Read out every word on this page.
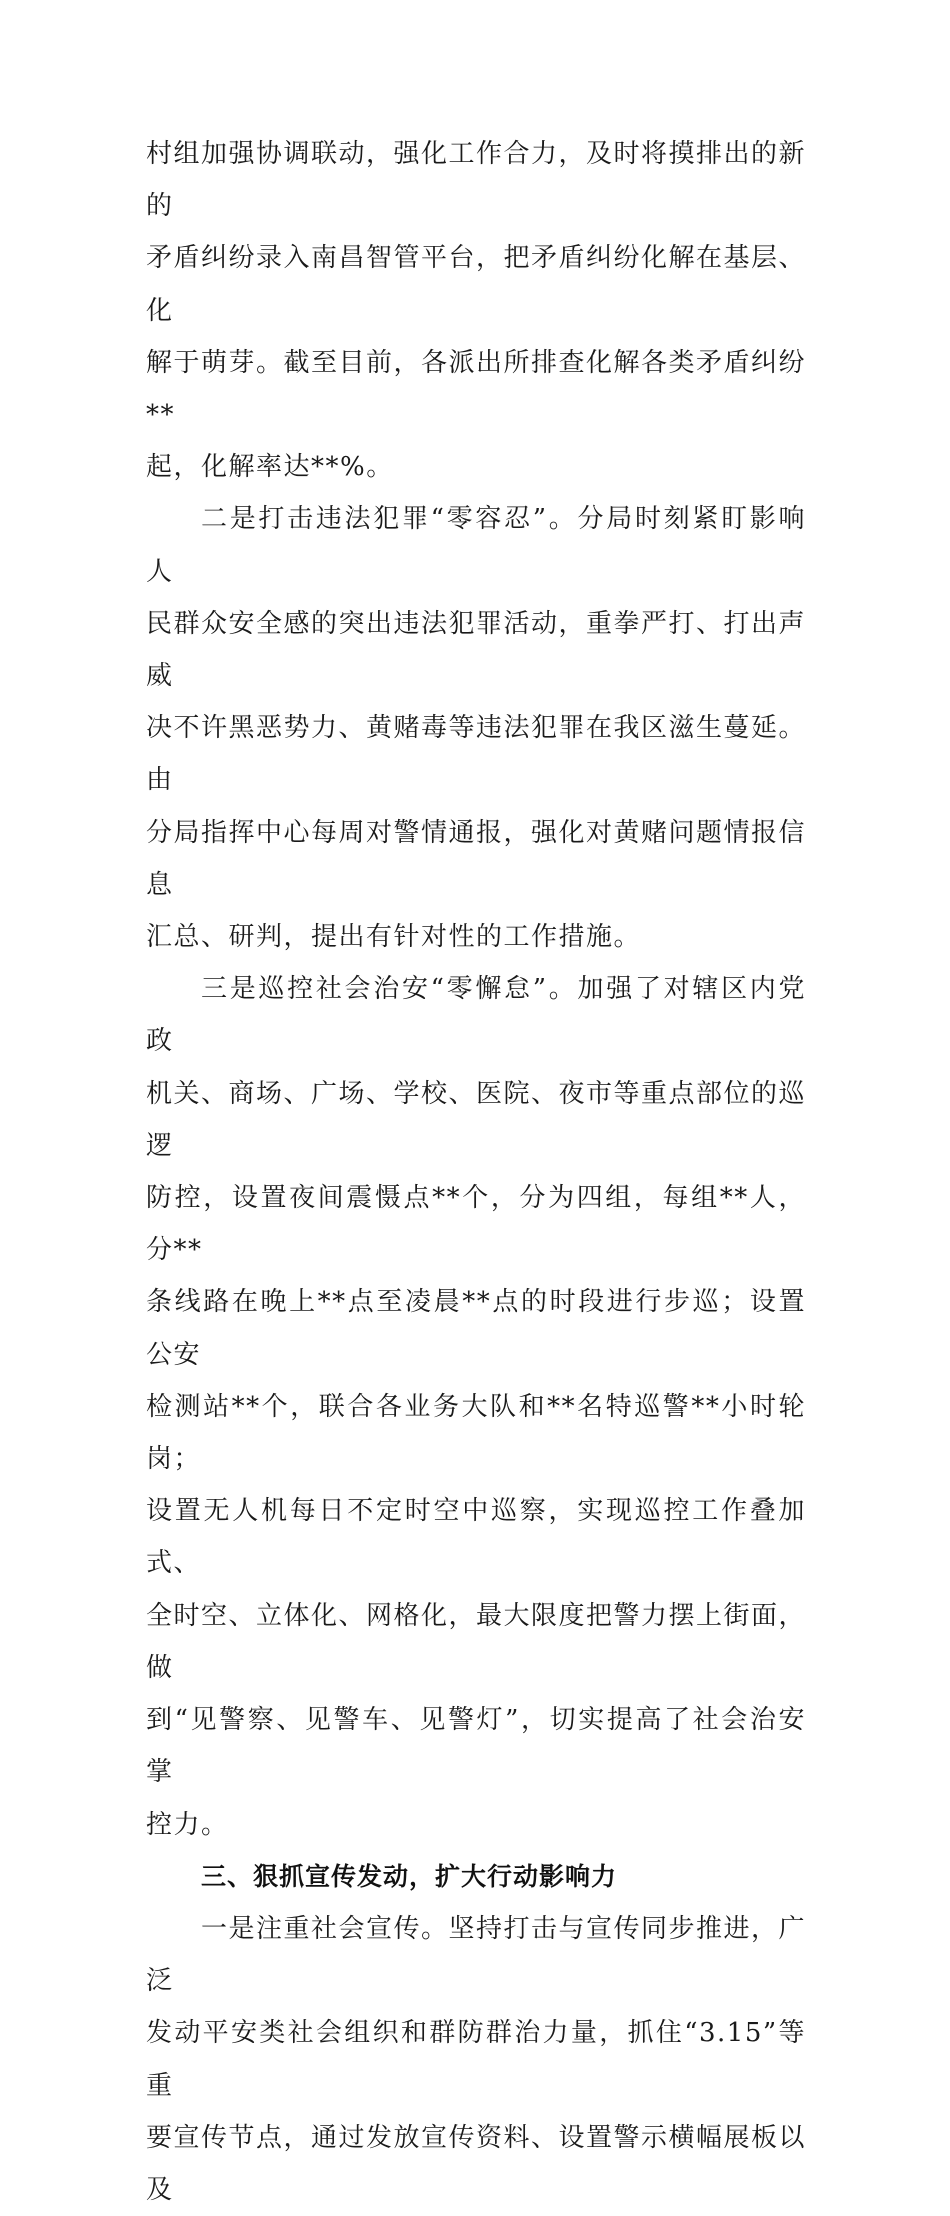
村组加强协调联动，强化工作合力，及时将摸排出的新的
矛盾纠纷录入南昌智管平台，把矛盾纠纷化解在基层、化
解于萌芽。截至目前，各派出所排查化解各类矛盾纠纷**
起，化解率达**%。

二是打击违法犯罪“零容忍”。分局时刻紧盯影响人
民群众安全感的突出违法犯罪活动，重拳严打、打出声威
决不许黑恶势力、黄赌毒等违法犯罪在我区滋生蔓延。由
分局指挥中心每周对警情通报，强化对黄赌问题情报信息
汇总、研判，提出有针对性的工作措施。

三是巡控社会治安“零懈怠”。加强了对辖区内党政
机关、商场、广场、学校、医院、夜市等重点部位的巡逻
防控，设置夜间震慑点**个，分为四组，每组**人，分**
条线路在晚上**点至凌晨**点的时段进行步巡；设置公安
检测站**个，联合各业务大队和**名特巡警**小时轮岗；
设置无人机每日不定时空中巡察，实现巡控工作叠加式、
全时空、立体化、网格化，最大限度把警力摆上街面，做
到“见警察、见警车、见警灯”，切实提高了社会治安掌
控力。

三、狠抓宣传发动，扩大行动影响力

一是注重社会宣传。坚持打击与宣传同步推进，广泛
发动平安类社会组织和群防群治力量，抓住“3.15”等重
要宣传节点，通过发放宣传资料、设置警示横幅展板以及
